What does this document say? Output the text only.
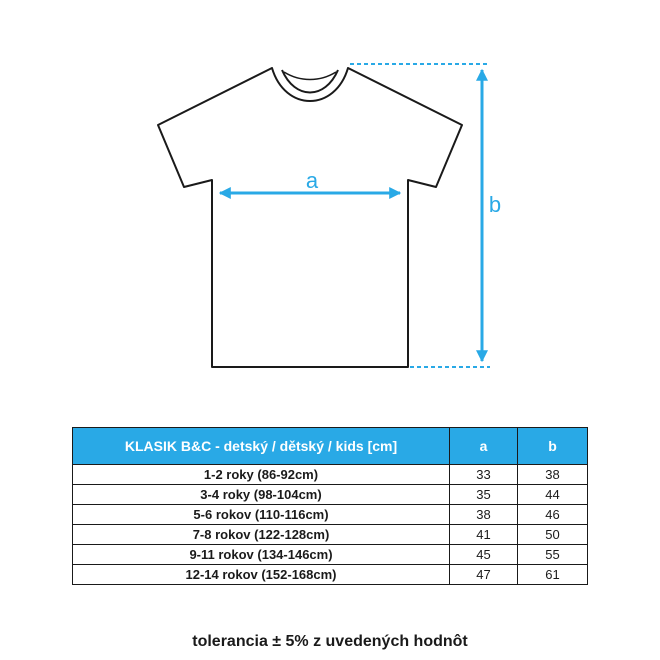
a
b
KLASIK B&C - detský / dětský / kids [cm]	a	b
1-2 roky (86-92cm)	33	38
3-4 roky (98-104cm)	35	44
5-6 rokov (110-116cm)	38	46
7-8 rokov (122-128cm)	41	50
9-11 rokov (134-146cm)	45	55
12-14 rokov (152-168cm)	47	61
tolerancia ± 5% z uvedených hodnôt
